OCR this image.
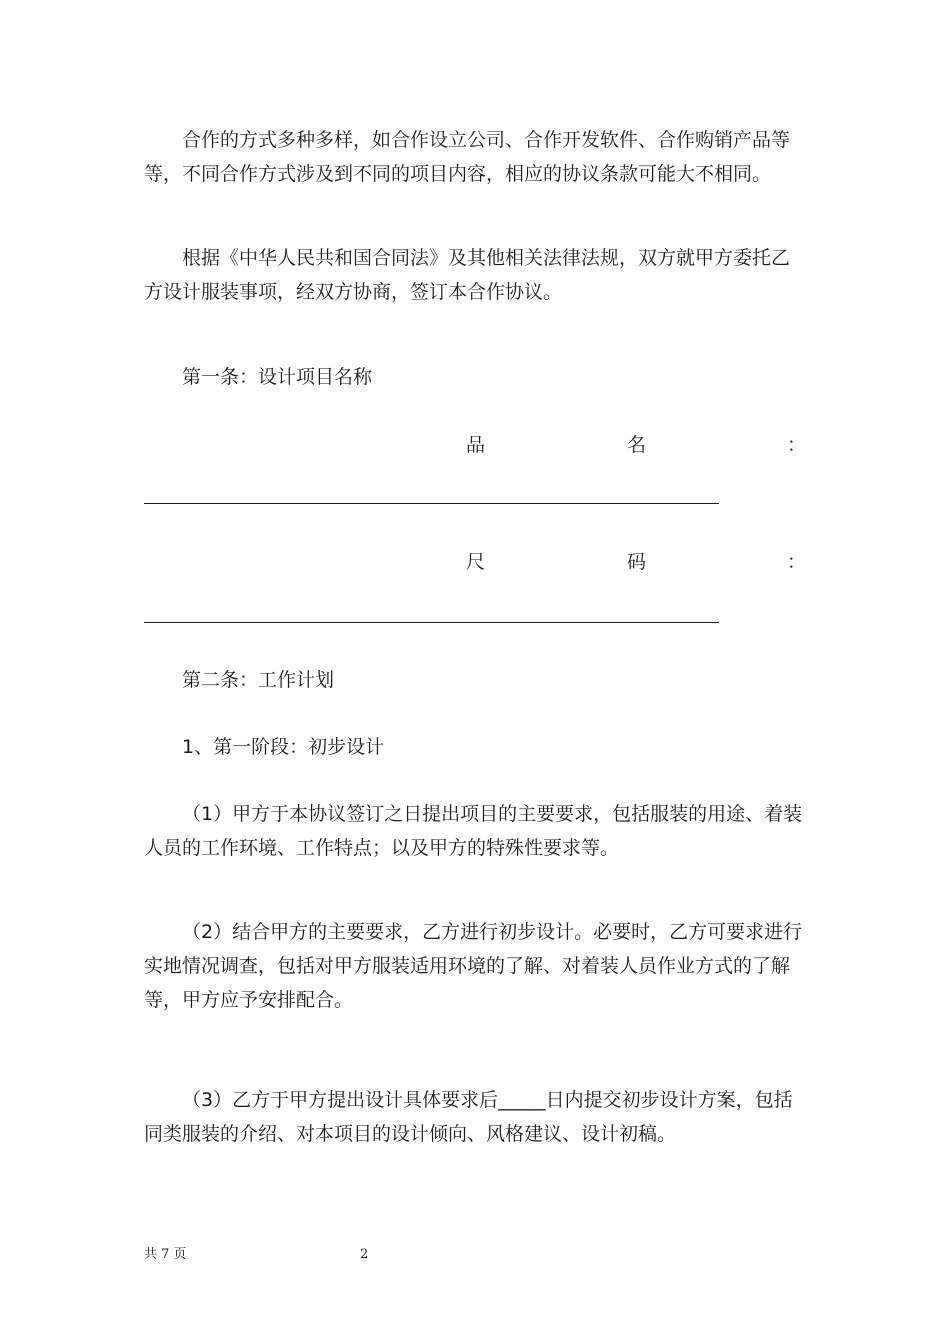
合作的方式多种多样，如合作设立公司、合作开发软件、合作购销产品等等，不同合作方式涉及到不同的项目内容，相应的协议条款可能大不相同。

根据《中华人民共和国合同法》及其他相关法律法规，双方就甲方委托乙方设计服装事项，经双方协商，签订本合作协议。

第一条：设计项目名称

品	名	：
尺	码	：

第二条：工作计划

1、第一阶段：初步设计

（1）甲方于本协议签订之日提出项目的主要要求，包括服装的用途、着装人员的工作环境、工作特点；以及甲方的特殊性要求等。

（2）结合甲方的主要要求，乙方进行初步设计。必要时，乙方可要求进行实地情况调查，包括对甲方服装适用环境的了解、对着装人员作业方式的了解等，甲方应予安排配合。

（3）乙方于甲方提出设计具体要求后_____日内提交初步设计方案，包括同类服装的介绍、对本项目的设计倾向、风格建议、设计初稿。

共 7 页	2
